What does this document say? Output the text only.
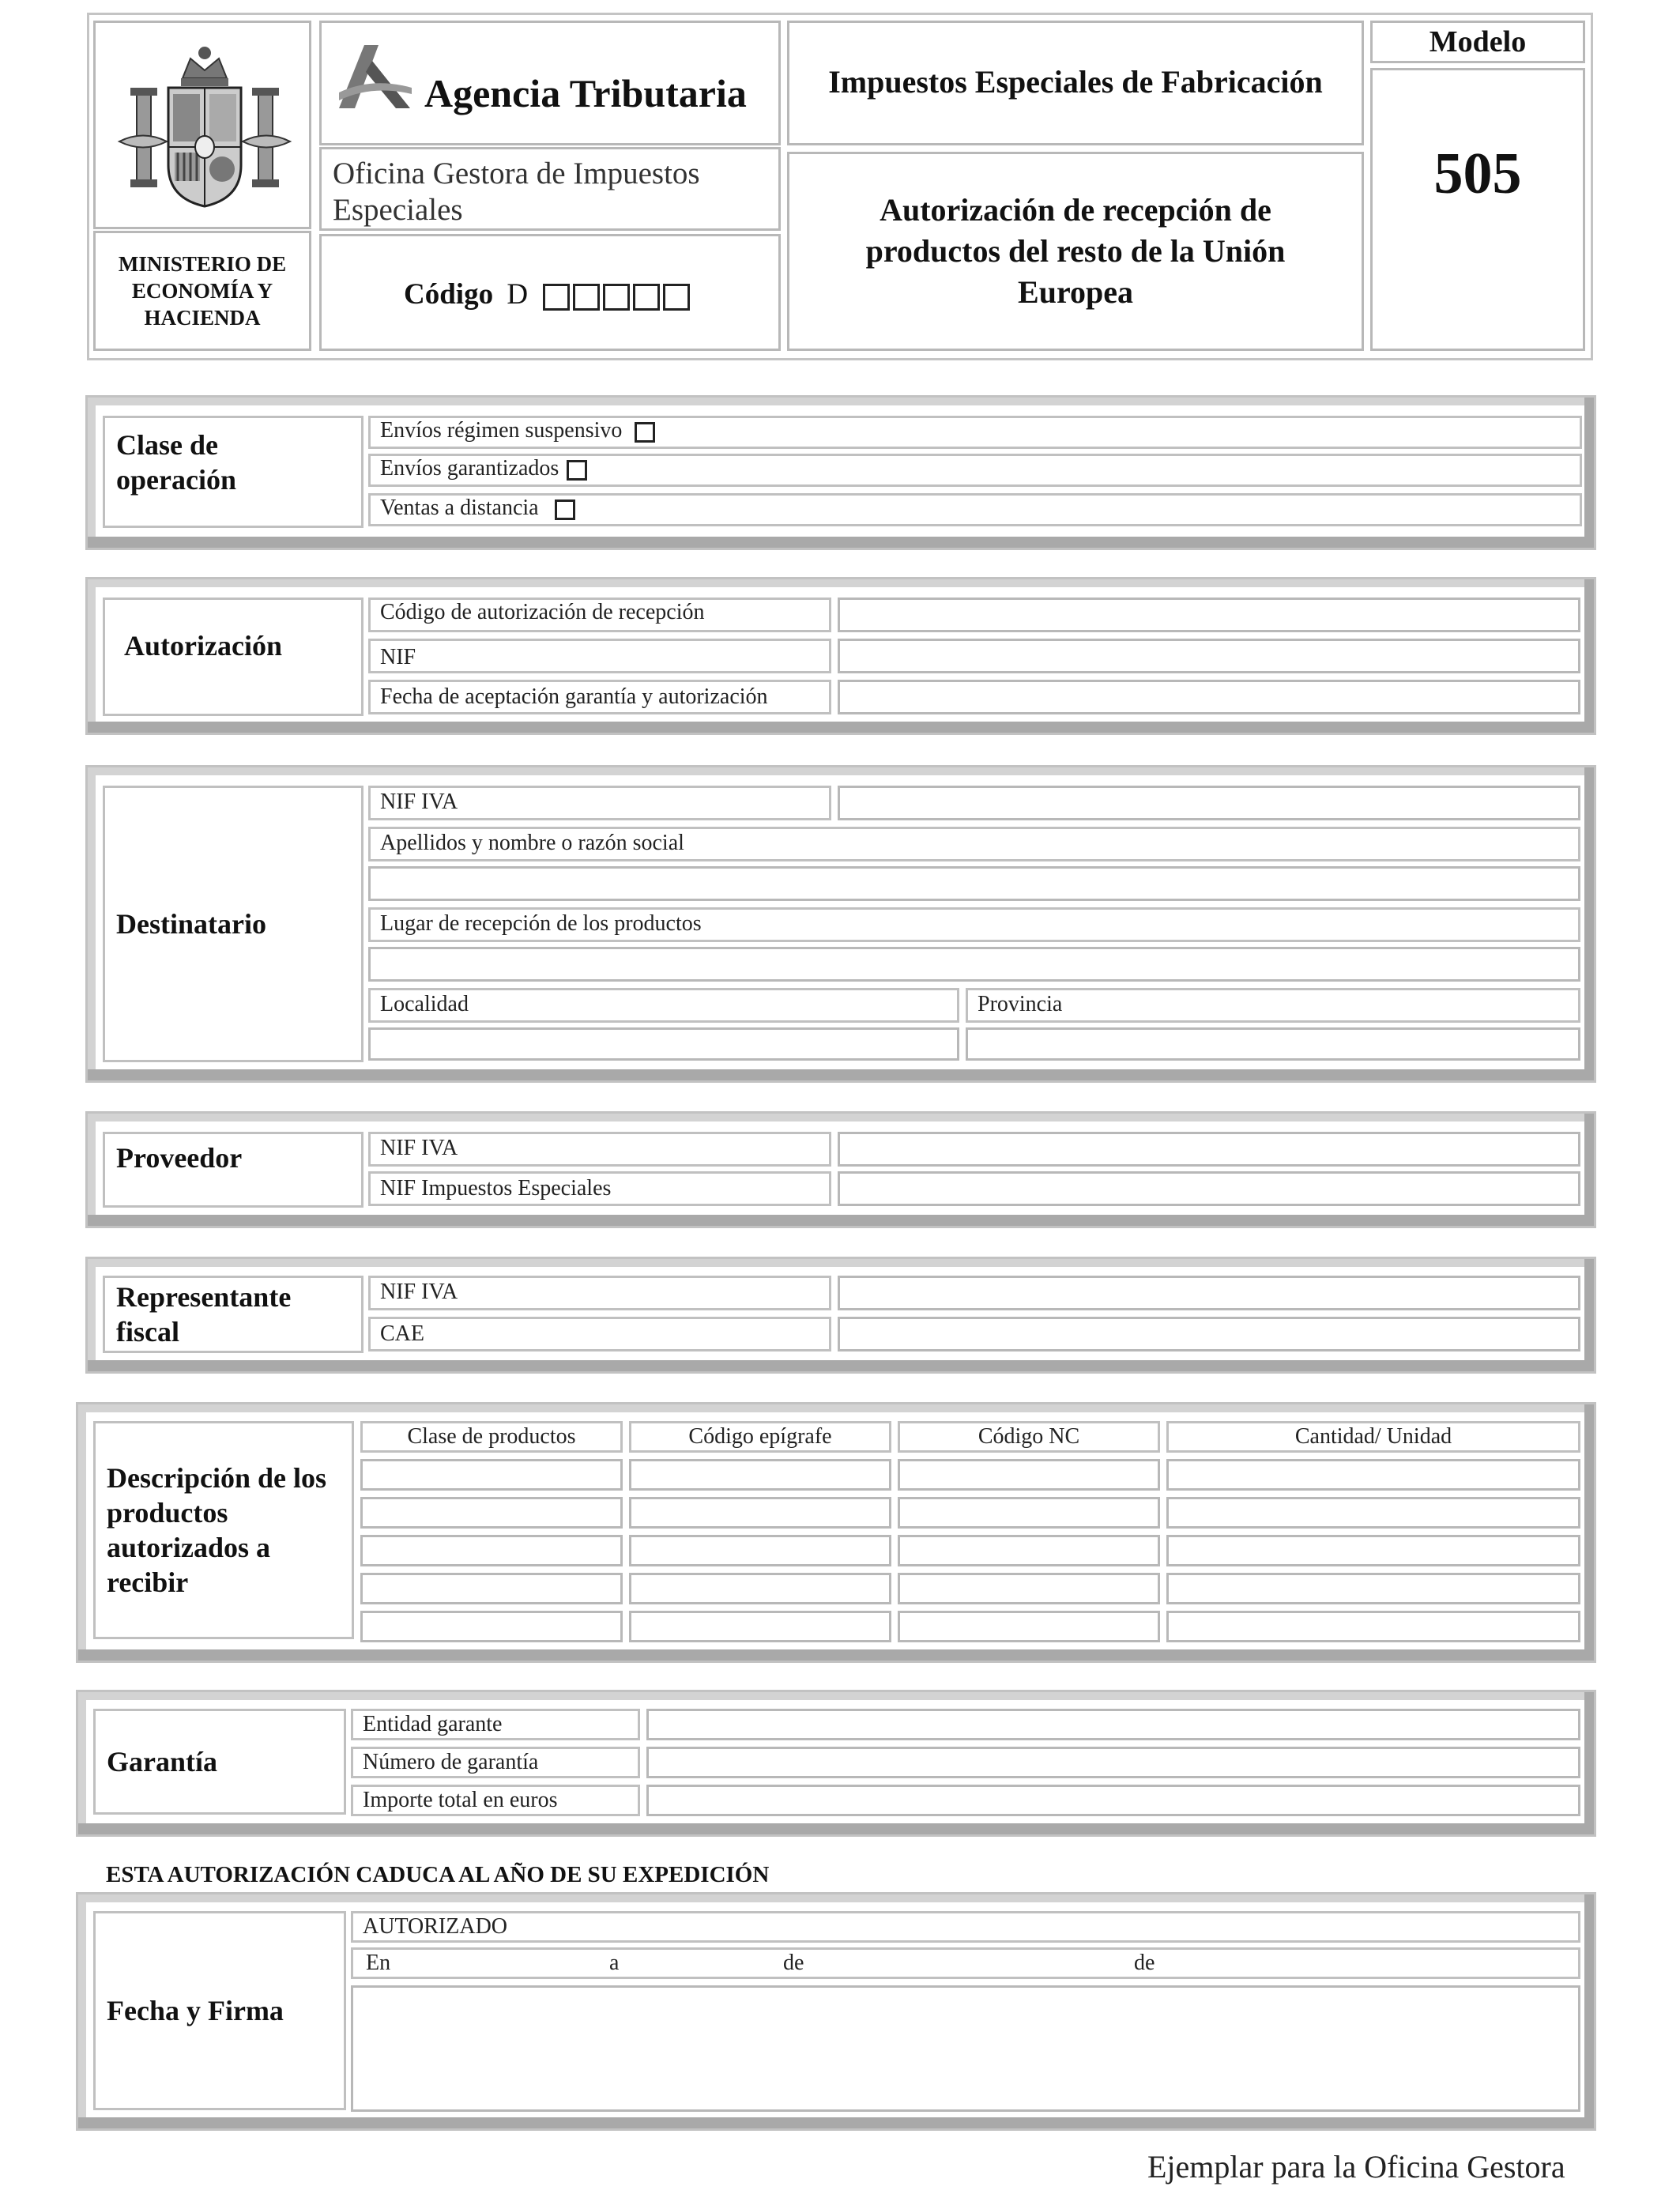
MINISTERIO DE ECONOMÍA Y HACIENDA
Agencia Tributaria
Oficina Gestora de Impuestos Especiales
Código D
Impuestos Especiales de Fabricación
Autorización de recepción de productos del resto de la Unión Europea
Modelo
505
Clase de operación
Envíos régimen suspensivo
Envíos garantizados
Ventas a distancia
Autorización
Código de autorización de recepción
NIF
Fecha de aceptación garantía y autorización
Destinatario
NIF IVA
Apellidos y nombre o razón social
Lugar de recepción de los productos
Localidad	Provincia
Proveedor	NIF IVA
NIF Impuestos Especiales
Representante fiscal
NIF IVA
CAE
Descripción de los productos autorizados a recibir
Clase de productos	Código epígrafe	Código NC	Cantidad/ Unidad
Garantía
Entidad garante
Número de garantía
Importe total en euros
ESTA AUTORIZACIÓN CADUCA AL AÑO DE SU EXPEDICIÓN
Fecha y Firma
AUTORIZADO
En	a	de	de
Ejemplar para la Oficina Gestora
